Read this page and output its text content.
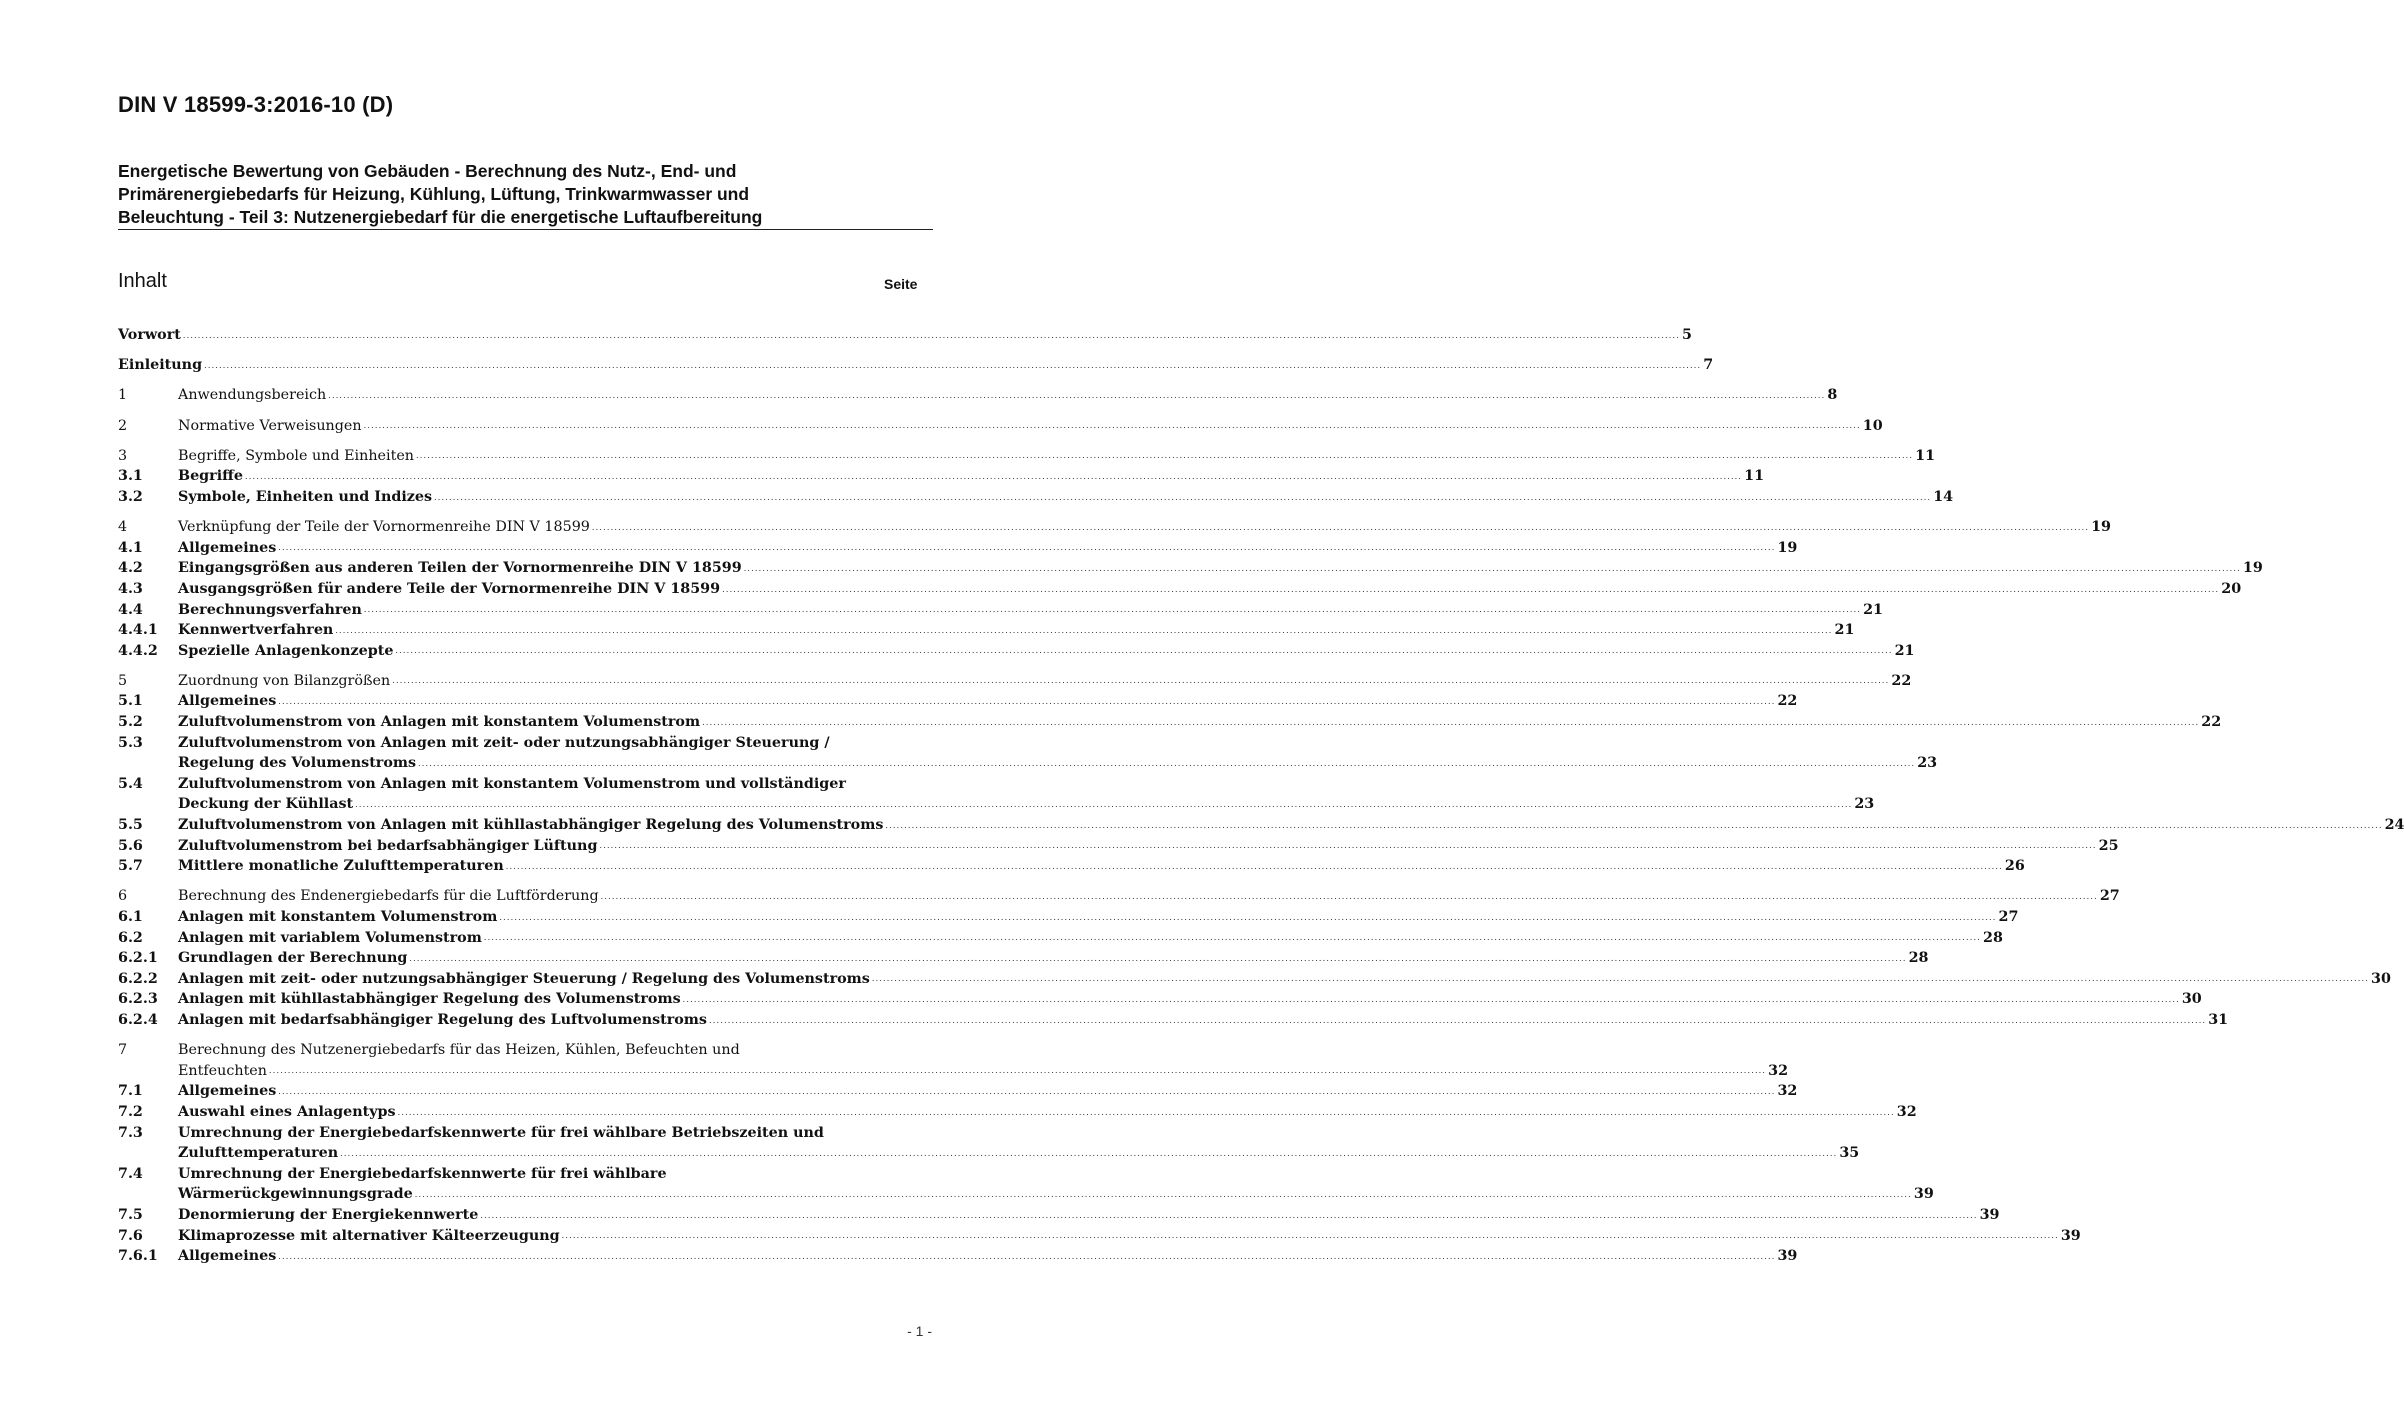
DIN V 18599-3:2016-10 (D)
Energetische Bewertung von Gebäuden - Berechnung des Nutz-, End- und
Primärenergiebedarfs für Heizung, Kühlung, Lüftung, Trinkwarmwasser und
Beleuchtung - Teil 3: Nutzenergiebedarf für die energetische Luftaufbereitung
Inhalt	Seite
Vorwort ................................................................................................................................................................................................................................................................................................................................................................................................................ 5
Einleitung ................................................................................................................................................................................................................................................................................................................................................................................................................ 7
1	Anwendungsbereich ................................................................................................................................................................................................................................................................................................................................................................................................................ 8
2	Normative Verweisungen ................................................................................................................................................................................................................................................................................................................................................................................................................ 10
3	Begriffe, Symbole und Einheiten ................................................................................................................................................................................................................................................................................................................................................................................................................ 11
3.1	Begriffe ................................................................................................................................................................................................................................................................................................................................................................................................................ 11
3.2	Symbole, Einheiten und Indizes ................................................................................................................................................................................................................................................................................................................................................................................................................ 14
4	Verknüpfung der Teile der Vornormenreihe DIN V 18599 ................................................................................................................................................................................................................................................................................................................................................................................................................ 19
4.1	Allgemeines ................................................................................................................................................................................................................................................................................................................................................................................................................ 19
4.2	Eingangsgrößen aus anderen Teilen der Vornormenreihe DIN V 18599 ................................................................................................................................................................................................................................................................................................................................................................................................................ 19
4.3	Ausgangsgrößen für andere Teile der Vornormenreihe DIN V 18599 ................................................................................................................................................................................................................................................................................................................................................................................................................ 20
4.4	Berechnungsverfahren ................................................................................................................................................................................................................................................................................................................................................................................................................ 21
4.4.1	Kennwertverfahren ................................................................................................................................................................................................................................................................................................................................................................................................................ 21
4.4.2	Spezielle Anlagenkonzepte ................................................................................................................................................................................................................................................................................................................................................................................................................ 21
5	Zuordnung von Bilanzgrößen ................................................................................................................................................................................................................................................................................................................................................................................................................ 22
5.1	Allgemeines ................................................................................................................................................................................................................................................................................................................................................................................................................ 22
5.2	Zuluftvolumenstrom von Anlagen mit konstantem Volumenstrom ................................................................................................................................................................................................................................................................................................................................................................................................................ 22
5.3	Zuluftvolumenstrom von Anlagen mit zeit- oder nutzungsabhängiger Steuerung /
Regelung des Volumenstroms ................................................................................................................................................................................................................................................................................................................................................................................................................ 23
5.4	Zuluftvolumenstrom von Anlagen mit konstantem Volumenstrom und vollständiger
Deckung der Kühllast ................................................................................................................................................................................................................................................................................................................................................................................................................ 23
5.5	Zuluftvolumenstrom von Anlagen mit kühllastabhängiger Regelung des Volumenstroms ................................................................................................................................................................................................................................................................................................................................................................................................................ 24
5.6	Zuluftvolumenstrom bei bedarfsabhängiger Lüftung ................................................................................................................................................................................................................................................................................................................................................................................................................ 25
5.7	Mittlere monatliche Zulufttemperaturen ................................................................................................................................................................................................................................................................................................................................................................................................................ 26
6	Berechnung des Endenergiebedarfs für die Luftförderung ................................................................................................................................................................................................................................................................................................................................................................................................................ 27
6.1	Anlagen mit konstantem Volumenstrom ................................................................................................................................................................................................................................................................................................................................................................................................................ 27
6.2	Anlagen mit variablem Volumenstrom ................................................................................................................................................................................................................................................................................................................................................................................................................ 28
6.2.1	Grundlagen der Berechnung ................................................................................................................................................................................................................................................................................................................................................................................................................ 28
6.2.2	Anlagen mit zeit- oder nutzungsabhängiger Steuerung / Regelung des Volumenstroms ................................................................................................................................................................................................................................................................................................................................................................................................................ 30
6.2.3	Anlagen mit kühllastabhängiger Regelung des Volumenstroms ................................................................................................................................................................................................................................................................................................................................................................................................................ 30
6.2.4	Anlagen mit bedarfsabhängiger Regelung des Luftvolumenstroms ................................................................................................................................................................................................................................................................................................................................................................................................................ 31
7	Berechnung des Nutzenergiebedarfs für das Heizen, Kühlen, Befeuchten und
Entfeuchten ................................................................................................................................................................................................................................................................................................................................................................................................................ 32
7.1	Allgemeines ................................................................................................................................................................................................................................................................................................................................................................................................................ 32
7.2	Auswahl eines Anlagentyps ................................................................................................................................................................................................................................................................................................................................................................................................................ 32
7.3	Umrechnung der Energiebedarfskennwerte für frei wählbare Betriebszeiten und
Zulufttemperaturen ................................................................................................................................................................................................................................................................................................................................................................................................................ 35
7.4	Umrechnung der Energiebedarfskennwerte für frei wählbare
Wärmerückgewinnungsgrade ................................................................................................................................................................................................................................................................................................................................................................................................................ 39
7.5	Denormierung der Energiekennwerte ................................................................................................................................................................................................................................................................................................................................................................................................................ 39
7.6	Klimaprozesse mit alternativer Kälteerzeugung ................................................................................................................................................................................................................................................................................................................................................................................................................ 39
7.6.1	Allgemeines ................................................................................................................................................................................................................................................................................................................................................................................................................ 39
- 1 -
